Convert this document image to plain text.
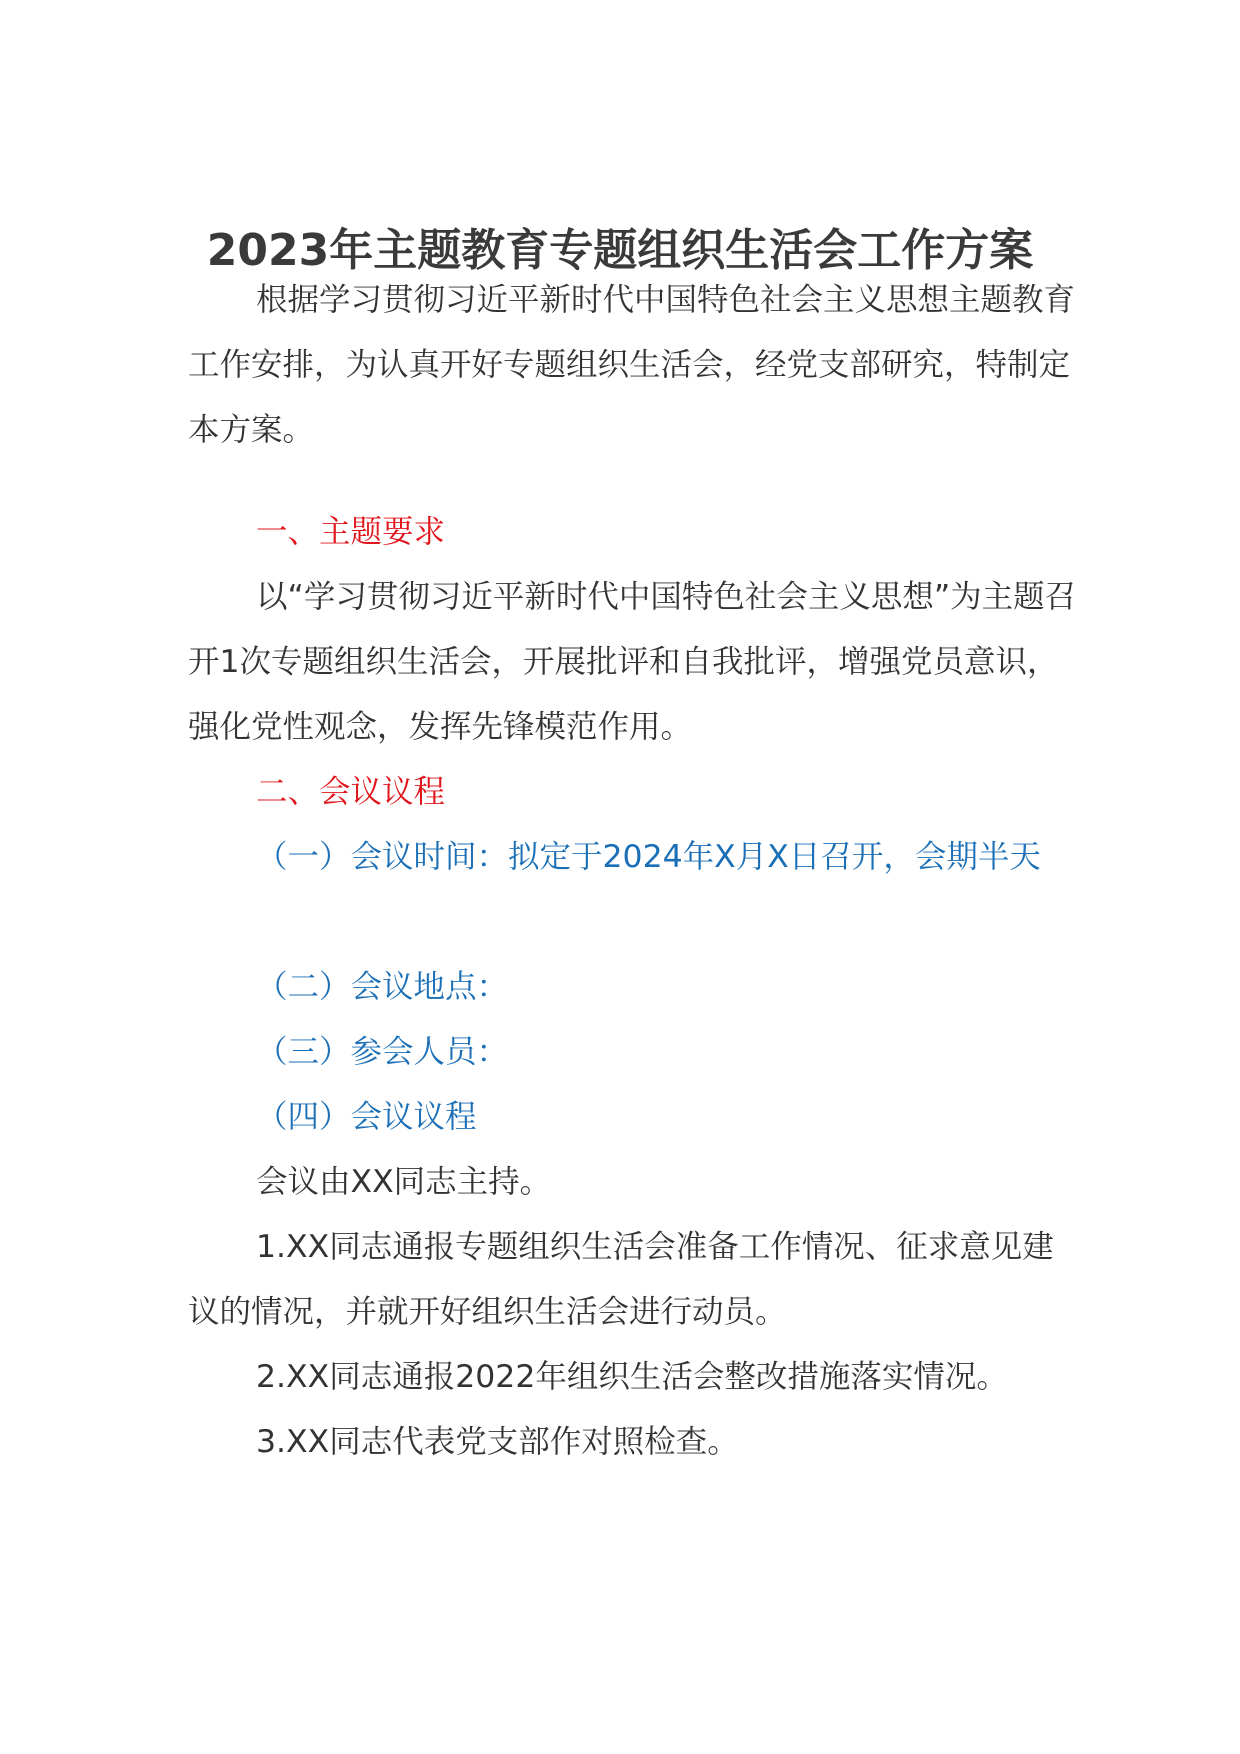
2023年主题教育专题组织生活会工作方案

根据学习贯彻习近平新时代中国特色社会主义思想主题教育工作安排，为认真开好专题组织生活会，经党支部研究，特制定本方案。

一、主题要求

以“学习贯彻习近平新时代中国特色社会主义思想”为主题召开1次专题组织生活会，开展批评和自我批评，增强党员意识，强化党性观念，发挥先锋模范作用。

二、会议议程

（一）会议时间：拟定于2024年X月X日召开，会期半天

（二）会议地点：

（三）参会人员：

（四）会议议程

会议由XX同志主持。

1.XX同志通报专题组织生活会准备工作情况、征求意见建议的情况，并就开好组织生活会进行动员。

2.XX同志通报2022年组织生活会整改措施落实情况。

3.XX同志代表党支部作对照检查。
